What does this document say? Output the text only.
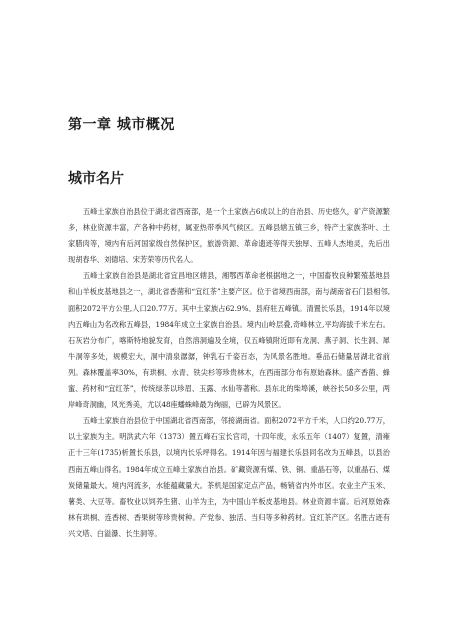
第一章 城市概况
城市名片

五峰土家族自治县位于湖北省西南部，是一个土家族占6成以上的自治县、历史悠久，矿产资源繁多，林业资源丰富，产各种中药材，属亚热带季风气候区。五峰县辖五镇三乡，特产土家族茶叶、土家腊肉等，境内有后河国家级自然保护区，旅游资源、革命遗迹等得天独厚、五峰人杰地灵，先后出现胡春华、刘德培、宋芳荣等历代名人。

五峰土家族自治县是湖北省宜昌地区辖县，湘鄂西革命老根据地之一，中国畜牧良种繁殖基地县和山羊板皮基地县之一，湖北省香菌和“宜红茶”主要产区。位于省境西南部，南与湖南省石门县相邻,面积2072平方公里,人口20.77万。其中土家族占62.9%、县府驻五峰镇。清置长乐县，1914年以境内五峰山为名改称五峰县，1984年成立土家族自治县。境内山岭层叠,奇峰林立,平均海拔千米左右。石灰岩分布广，喀斯特地貌发育，自然溶洞遍及全境，仅五峰镇附近即有龙洞、燕子洞、长生洞、犀牛洞等多处，规模宏大，洞中清泉潺潺，钟乳石千姿百态，为风景名胜地。垂品石储量居湖北省前列。森林覆盖率30%，有珙桐、水青、铁尖杉等珍贵林木，在西南部分布有原始森林。盛产香菌、蜂蜜、药材和“宜红茶”，传统绿茶以珍眉、玉露、水仙等著称。县东北的柴埠溪，峡谷长50多公里，两岸峰奇洞幽，风光秀美，尤以48座蟠蛛峰最为绚丽，已辟为风景区。

五峰土家族自治县位于中国湖北省西南部，邻接湖南省。面积2072平方千米，人口约20.77万，以土家族为主。明洪武六年（1373）置五峰石宝长官司，十四年废，永乐五年（1407）复置，清雍正十三年(1735)析置长乐县，以境内长乐坪得名。1914年因与福建长乐县同名改为五峰县，以县治西南五峰山得名。1984年成立五峰土家族自治县。矿藏资源有煤、铁、铜、重晶石等，以重晶石、煤炭储量最大。境内河流多，水能蕴藏量大。茶机是国家定点产品，畅销省内外市区。农业主产玉米、薯类、大豆等。畜牧业以饲养生猪、山羊为主，为中国山羊板皮基地县。林业资源丰富。后河原始森林有珙桐、连香树、香果树等珍贵树种。产党参、独活、当归等多种药材。宜红茶产区。名胜古迹有兴文塔、白溢瀑、长生洞等。
